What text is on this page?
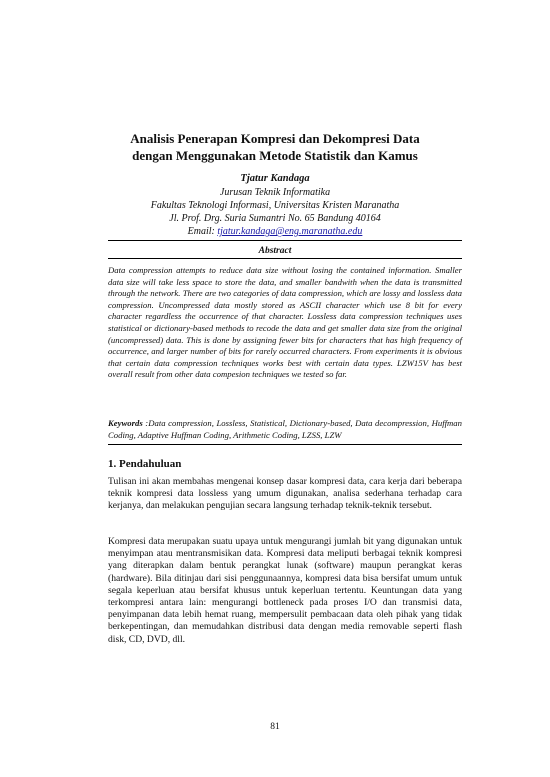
Analisis Penerapan Kompresi dan Dekompresi Data
dengan Menggunakan Metode Statistik dan Kamus
Tjatur Kandaga
Jurusan Teknik Informatika
Fakultas Teknologi Informasi, Universitas Kristen Maranatha
Jl. Prof. Drg. Suria Sumantri No. 65 Bandung 40164
Email: tjatur.kandaga@eng.maranatha.edu
Abstract
Data compression attempts to reduce data size without losing the contained information. Smaller data size will take less space to store the data, and smaller bandwith when the data is transmitted through the network. There are two categories of data compression, which are lossy and lossless data compression. Uncompressed data mostly stored as ASCII character which use 8 bit for every character regardless the occurrence of that character. Lossless data compression techniques uses statistical or dictionary-based methods to recode the data and get smaller data size from the original (uncompressed) data. This is done by assigning fewer bits for characters that has high frequency of occurrence, and larger number of bits for rarely occurred characters. From experiments it is obvious that certain data compression techniques works best with certain data types. LZW15V has best overall result from other data compesion techniques we tested so far.
Keywords :Data compression, Lossless, Statistical, Dictionary-based, Data decompression, Huffman Coding, Adaptive Huffman Coding, Arithmetic Coding, LZSS, LZW
1. Pendahuluan
Tulisan ini akan membahas mengenai konsep dasar kompresi data, cara kerja dari beberapa teknik kompresi data lossless yang umum digunakan, analisa sederhana terhadap cara kerjanya, dan melakukan pengujian secara langsung terhadap teknik-teknik tersebut.
Kompresi data merupakan suatu upaya untuk mengurangi jumlah bit yang digunakan untuk menyimpan atau mentransmisikan data. Kompresi data meliputi berbagai teknik kompresi yang diterapkan dalam bentuk perangkat lunak (software) maupun perangkat keras (hardware). Bila ditinjau dari sisi penggunaannya, kompresi data bisa bersifat umum untuk segala keperluan atau bersifat khusus untuk keperluan tertentu. Keuntungan data yang terkompresi antara lain: mengurangi bottleneck pada proses I/O dan transmisi data, penyimpanan data lebih hemat ruang, mempersulit pembacaan data oleh pihak yang tidak berkepentingan, dan memudahkan distribusi data dengan media removable seperti flash disk, CD, DVD, dll.
81
